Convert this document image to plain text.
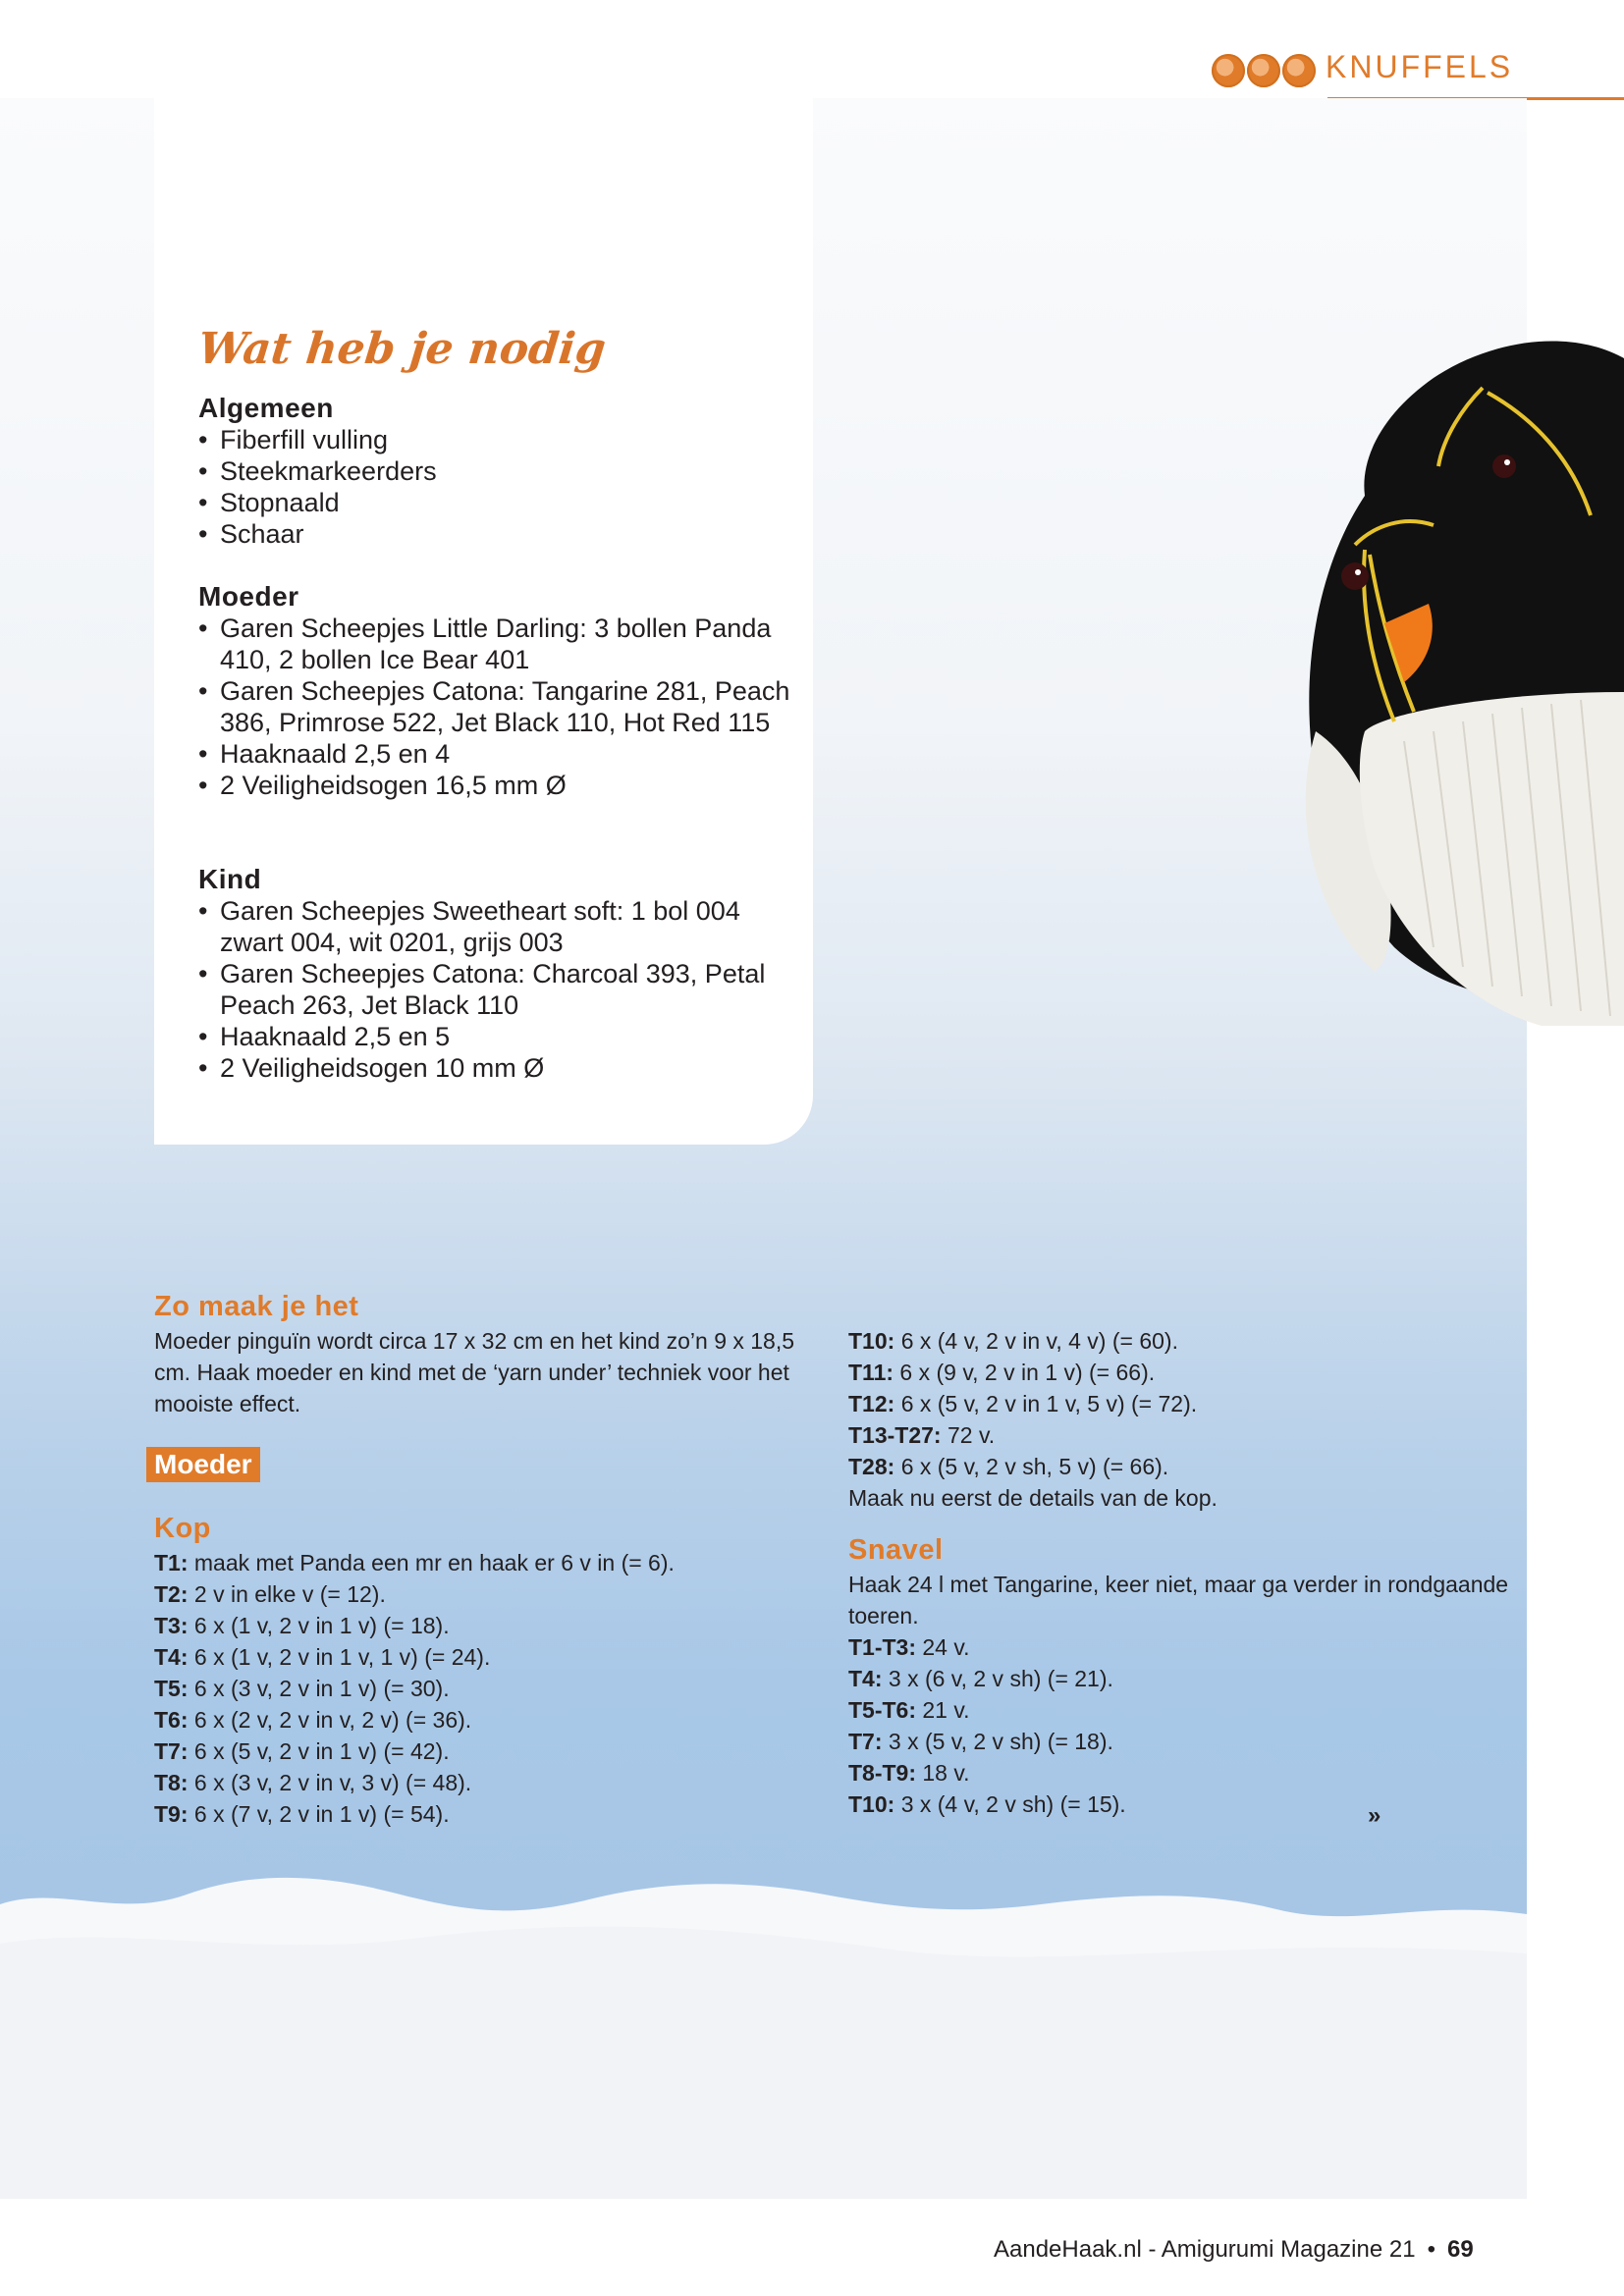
KNUFFELS
Wat heb je nodig
Algemeen
• Fiberfill vulling
• Steekmarkeerders
• Stopnaald
• Schaar
Moeder
• Garen Scheepjes Little Darling: 3 bollen Panda 410, 2 bollen Ice Bear 401
• Garen Scheepjes Catona: Tangarine 281, Peach 386, Primrose 522, Jet Black 110, Hot Red 115
• Haaknaald 2,5 en 4
• 2 Veiligheidsogen 16,5 mm Ø
Kind
• Garen Scheepjes Sweetheart soft: 1 bol 004 zwart 004, wit 0201, grijs 003
• Garen Scheepjes Catona: Charcoal 393, Petal Peach 263, Jet Black 110
• Haaknaald 2,5 en 5
• 2 Veiligheidsogen 10 mm Ø
Zo maak je het
Moeder pinguïn wordt circa 17 x 32 cm en het kind zo’n 9 x 18,5 cm. Haak moeder en kind met de ‘yarn under’ techniek voor het mooiste effect.
Moeder
Kop
T1: maak met Panda een mr en haak er 6 v in (= 6).
T2: 2 v in elke v (= 12).
T3: 6 x (1 v, 2 v in 1 v) (= 18).
T4: 6 x (1 v, 2 v in 1 v, 1 v) (= 24).
T5: 6 x (3 v, 2 v in 1 v) (= 30).
T6: 6 x (2 v, 2 v in v, 2 v) (= 36).
T7: 6 x (5 v, 2 v in 1 v) (= 42).
T8: 6 x (3 v, 2 v in v, 3 v) (= 48).
T9: 6 x (7 v, 2 v in 1 v) (= 54).
T10: 6 x (4 v, 2 v in v, 4 v) (= 60).
T11: 6 x (9 v, 2 v in 1 v) (= 66).
T12: 6 x (5 v, 2 v in 1 v, 5 v) (= 72).
T13-T27: 72 v.
T28: 6 x (5 v, 2 v sh, 5 v) (= 66).
Maak nu eerst de details van de kop.
Snavel
Haak 24 l met Tangarine, keer niet, maar ga verder in rondgaande toeren.
T1-T3: 24 v.
T4: 3 x (6 v, 2 v sh) (= 21).
T5-T6: 21 v.
T7: 3 x (5 v, 2 v sh) (= 18).
T8-T9: 18 v.
T10: 3 x (4 v, 2 v sh) (= 15).	»
AandeHaak.nl - Amigurumi Magazine 21 • 69
